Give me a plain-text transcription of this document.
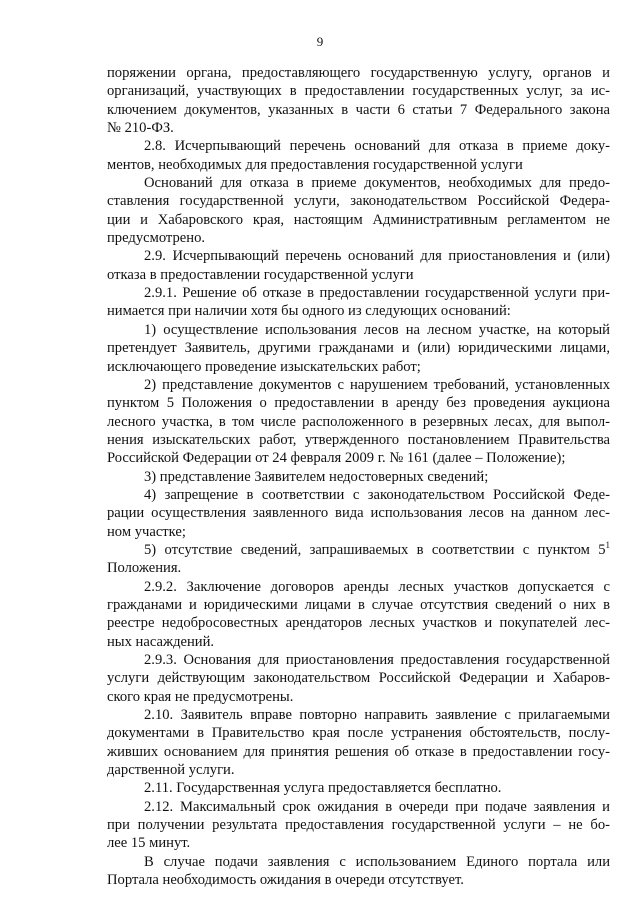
9

поряжении органа, предоставляющего государственную услугу, органов и
организаций, участвующих в предоставлении государственных услуг, за ис-
ключением документов, указанных в части 6 статьи 7 Федерального закона
№ 210-ФЗ.

2.8. Исчерпывающий перечень оснований для отказа в приеме доку-
ментов, необходимых для предоставления государственной услуги

Оснований для отказа в приеме документов, необходимых для предо-
ставления государственной услуги, законодательством Российской Федера-
ции и Хабаровского края, настоящим Административным регламентом не
предусмотрено.

2.9. Исчерпывающий перечень оснований для приостановления и (или)
отказа в предоставлении государственной услуги

2.9.1. Решение об отказе в предоставлении государственной услуги при-
нимается при наличии хотя бы одного из следующих оснований:

1) осуществление использования лесов на лесном участке, на который
претендует Заявитель, другими гражданами и (или) юридическими лицами,
исключающего проведение изыскательских работ;

2) представление документов с нарушением требований, установленных
пунктом 5 Положения о предоставлении в аренду без проведения аукциона
лесного участка, в том числе расположенного в резервных лесах, для выпол-
нения изыскательских работ, утвержденного постановлением Правительства
Российской Федерации от 24 февраля 2009 г. № 161 (далее – Положение);

3) представление Заявителем недостоверных сведений;

4) запрещение в соответствии с законодательством Российской Феде-
рации осуществления заявленного вида использования лесов на данном лес-
ном участке;

5) отсутствие сведений, запрашиваемых в соответствии с пунктом $5^1$
Положения.

2.9.2. Заключение договоров аренды лесных участков допускается с
гражданами и юридическими лицами в случае отсутствия сведений о них в
реестре недобросовестных арендаторов лесных участков и покупателей лес-
ных насаждений.

2.9.3. Основания для приостановления предоставления государственной
услуги действующим законодательством Российской Федерации и Хабаров-
ского края не предусмотрены.

2.10. Заявитель вправе повторно направить заявление с прилагаемыми
документами в Правительство края после устранения обстоятельств, послу-
живших основанием для принятия решения об отказе в предоставлении госу-
дарственной услуги.

2.11. Государственная услуга предоставляется бесплатно.

2.12. Максимальный срок ожидания в очереди при подаче заявления и
при получении результата предоставления государственной услуги – не бо-
лее 15 минут.

В случае подачи заявления с использованием Единого портала или
Портала необходимость ожидания в очереди отсутствует.
